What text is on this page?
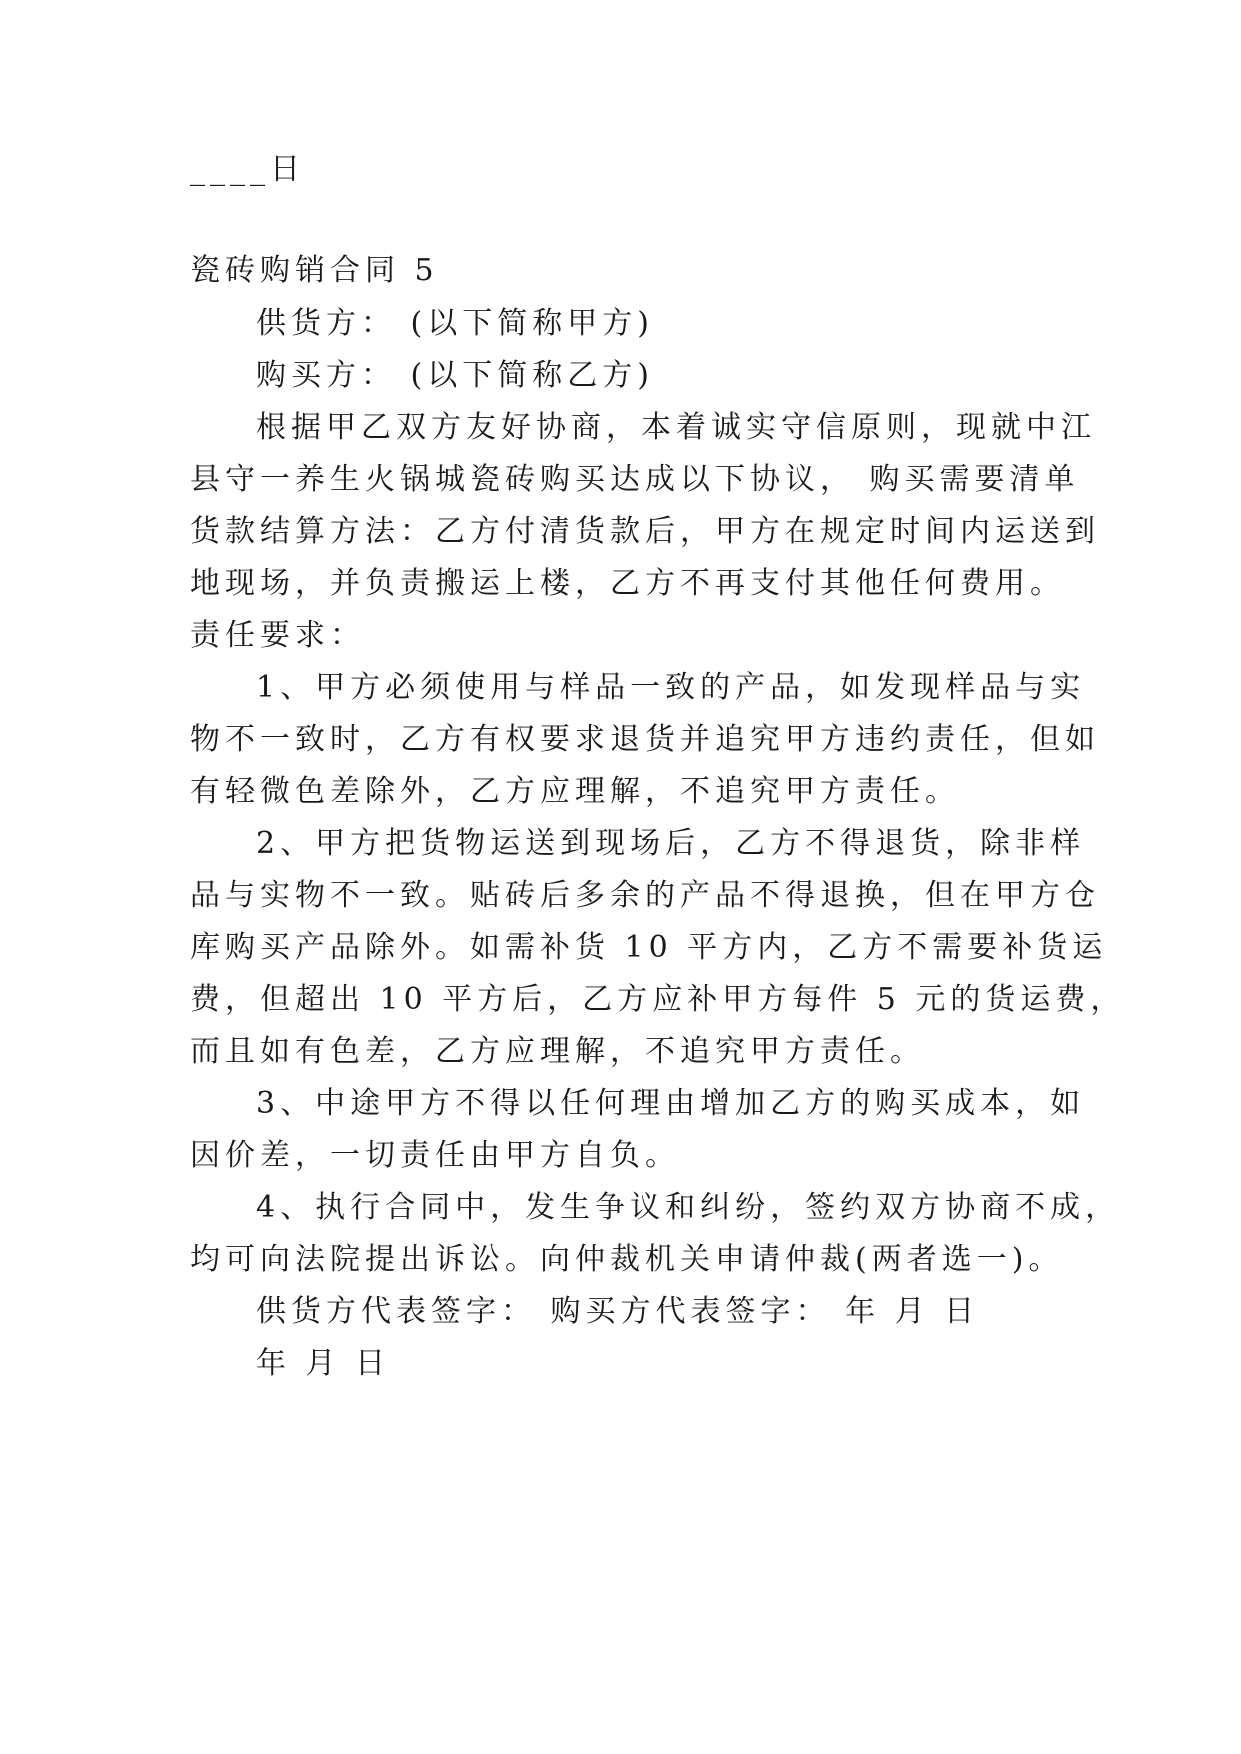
____日
瓷砖购销合同 5
供货方： (以下简称甲方)
购买方： (以下简称乙方)
根据甲乙双方友好协商，本着诚实守信原则，现就中江
县守一养生火锅城瓷砖购买达成以下协议， 购买需要清单
货款结算方法：乙方付清货款后，甲方在规定时间内运送到
地现场，并负责搬运上楼，乙方不再支付其他任何费用。
责任要求：
1、甲方必须使用与样品一致的产品，如发现样品与实
物不一致时，乙方有权要求退货并追究甲方违约责任，但如
有轻微色差除外，乙方应理解，不追究甲方责任。
2、甲方把货物运送到现场后，乙方不得退货，除非样
品与实物不一致。贴砖后多余的产品不得退换，但在甲方仓
库购买产品除外。如需补货 10 平方内，乙方不需要补货运
费，但超出 10 平方后，乙方应补甲方每件 5 元的货运费，
而且如有色差，乙方应理解，不追究甲方责任。
3、中途甲方不得以任何理由增加乙方的购买成本，如
因价差，一切责任由甲方自负。
4、执行合同中，发生争议和纠纷，签约双方协商不成，
均可向法院提出诉讼。向仲裁机关申请仲裁(两者选一)。
供货方代表签字： 购买方代表签字： 年 月 日
年 月 日
